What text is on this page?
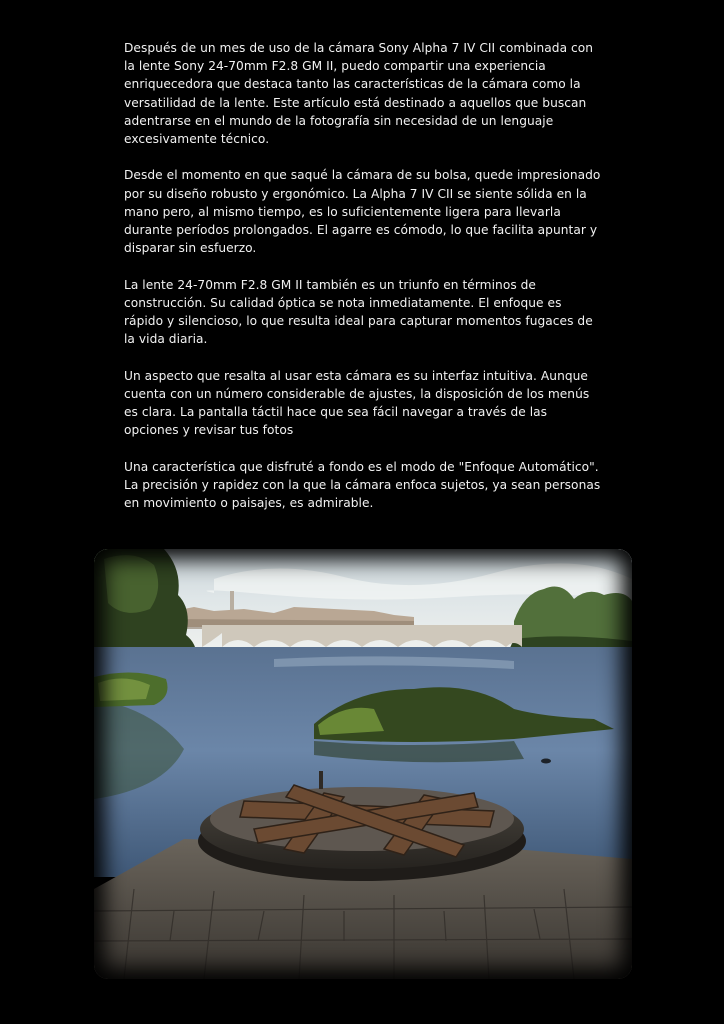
Después de un mes de uso de la cámara Sony Alpha 7 IV CII combinada con la lente Sony 24-70mm F2.8 GM II, puedo compartir una experiencia enriquecedora que destaca tanto las características de la cámara como la versatilidad de la lente. Este artículo está destinado a aquellos que buscan adentrarse en el mundo de la fotografía sin necesidad de un lenguaje excesivamente técnico.

Desde el momento en que saqué la cámara de su bolsa, quede impresionado por su diseño robusto y ergonómico. La Alpha 7 IV CII se siente sólida en la mano pero, al mismo tiempo, es lo suficientemente ligera para llevarla durante períodos prolongados. El agarre es cómodo, lo que facilita apuntar y disparar sin esfuerzo.

La lente 24-70mm F2.8 GM II también es un triunfo en términos de construcción. Su calidad óptica se nota inmediatamente. El enfoque es rápido y silencioso, lo que resulta ideal para capturar momentos fugaces de la vida diaria.

Un aspecto que resalta al usar esta cámara es su interfaz intuitiva. Aunque cuenta con un número considerable de ajustes, la disposición de los menús es clara. La pantalla táctil hace que sea fácil navegar a través de las opciones y revisar tus fotos

Una característica que disfruté a fondo es el modo de "Enfoque Automático". La precisión y rapidez con la que la cámara enfoca sujetos, ya sean personas en movimiento o paisajes, es admirable.
